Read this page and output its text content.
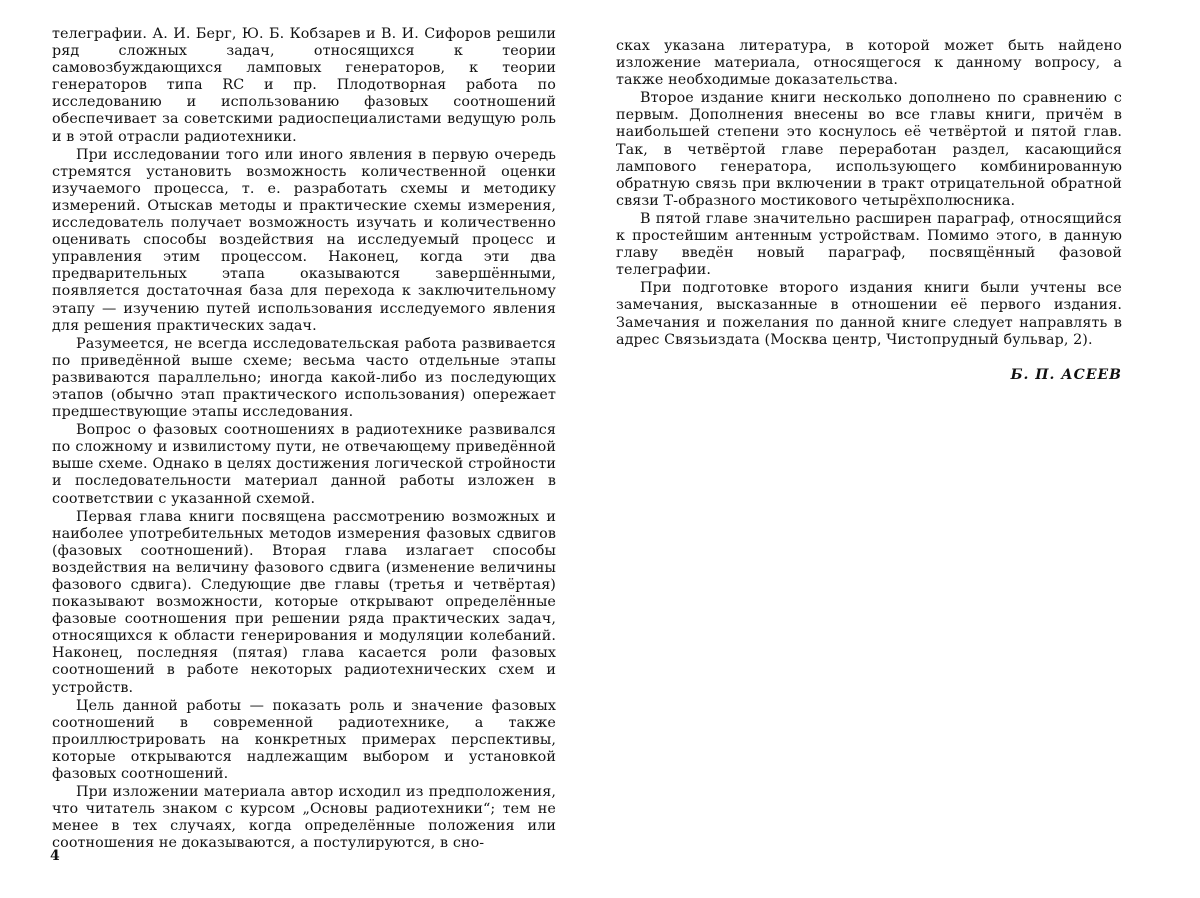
телеграфии. А. И. Берг, Ю. Б. Кобзарев и В. И. Сифоров решили ряд сложных задач, относящихся к теории самовозбуждающихся ламповых генераторов, к теории генераторов типа RC и пр. Плодотворная работа по исследованию и использованию фазовых соотношений обеспечивает за советскими радиоспециалистами ведущую роль и в этой отрасли радиотехники.

При исследовании того или иного явления в первую очередь стремятся установить возможность количественной оценки изучаемого процесса, т. е. разработать схемы и методику измерений. Отыскав методы и практические схемы измерения, исследователь получает возможность изучать и количественно оценивать способы воздействия на исследуемый процесс и управления этим процессом. Наконец, когда эти два предварительных этапа оказываются завершёнными, появляется достаточная база для перехода к заключительному этапу — изучению путей использования исследуемого явления для решения практических задач.

Разумеется, не всегда исследовательская работа развивается по приведённой выше схеме; весьма часто отдельные этапы развиваются параллельно; иногда какой-либо из последующих этапов (обычно этап практического использования) опережает предшествующие этапы исследования.

Вопрос о фазовых соотношениях в радиотехнике развивался по сложному и извилистому пути, не отвечающему приведённой выше схеме. Однако в целях достижения логической стройности и последовательности материал данной работы изложен в соответствии с указанной схемой.

Первая глава книги посвящена рассмотрению возможных и наиболее употребительных методов измерения фазовых сдвигов (фазовых соотношений). Вторая глава излагает способы воздействия на величину фазового сдвига (изменение величины фазового сдвига). Следующие две главы (третья и четвёртая) показывают возможности, которые открывают определённые фазовые соотношения при решении ряда практических задач, относящихся к области генерирования и модуляции колебаний. Наконец, последняя (пятая) глава касается роли фазовых соотношений в работе некоторых радиотехнических схем и устройств.

Цель данной работы — показать роль и значение фазовых соотношений в современной радиотехнике, а также проиллюстрировать на конкретных примерах перспективы, которые открываются надлежащим выбором и установкой фазовых соотношений.

При изложении материала автор исходил из предположения, что читатель знаком с курсом „Основы радиотехники“; тем не менее в тех случаях, когда определённые положения или соотношения не доказываются, а постулируются, в сно-

4

сках указана литература, в которой может быть найдено изложение материала, относящегося к данному вопросу, а также необходимые доказательства.

Второе издание книги несколько дополнено по сравнению с первым. Дополнения внесены во все главы книги, причём в наибольшей степени это коснулось её четвёртой и пятой глав. Так, в четвёртой главе переработан раздел, касающийся лампового генератора, использующего комбинированную обратную связь при включении в тракт отрицательной обратной связи Т-образного мостикового четырёхполюсника.

В пятой главе значительно расширен параграф, относящийся к простейшим антенным устройствам. Помимо этого, в данную главу введён новый параграф, посвящённый фазовой телеграфии.

При подготовке второго издания книги были учтены все замечания, высказанные в отношении её первого издания. Замечания и пожелания по данной книге следует направлять в адрес Связьиздата (Москва центр, Чистопрудный бульвар, 2).

Б. П. АСЕЕВ
